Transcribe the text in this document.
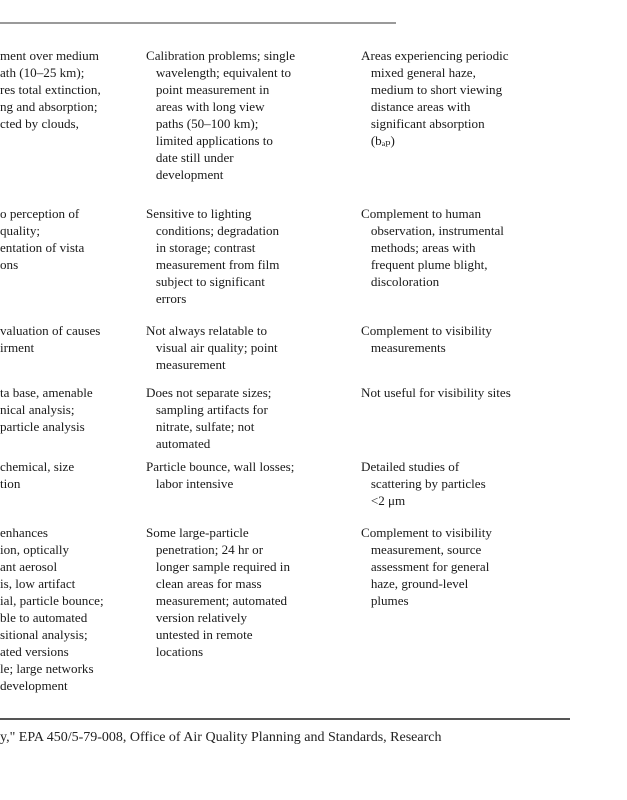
ment over medium
ath (10–25 km);
res total extinction,
ng and absorption;
cted by clouds,
Calibration problems; single
wavelength; equivalent to
point measurement in
areas with long view
paths (50–100 km);
limited applications to
date still under
development
Areas experiencing periodic
mixed general haze,
medium to short viewing
distance areas with
significant absorption
(bₐₚ)
o perception of
quality;
entation of vista
ons
Sensitive to lighting
conditions; degradation
in storage; contrast
measurement from film
subject to significant
errors
Complement to human
observation, instrumental
methods; areas with
frequent plume blight,
discoloration
valuation of causes
irment
Not always relatable to
visual air quality; point
measurement
Complement to visibility
measurements
ta base, amenable
nical analysis;
particle analysis
Does not separate sizes;
sampling artifacts for
nitrate, sulfate; not
automated
Not useful for visibility sites
chemical, size
tion
Particle bounce, wall losses;
labor intensive
Detailed studies of
scattering by particles
<2 μm
enhances
ion, optically
ant aerosol
is, low artifact
ial, particle bounce;
ble to automated
sitional analysis;
ated versions
le; large networks
development
Some large-particle
penetration; 24 hr or
longer sample required in
clean areas for mass
measurement; automated
version relatively
untested in remote
locations
Complement to visibility
measurement, source
assessment for general
haze, ground-level
plumes
y," EPA 450/5-79-008, Office of Air Quality Planning and Standards, Research
